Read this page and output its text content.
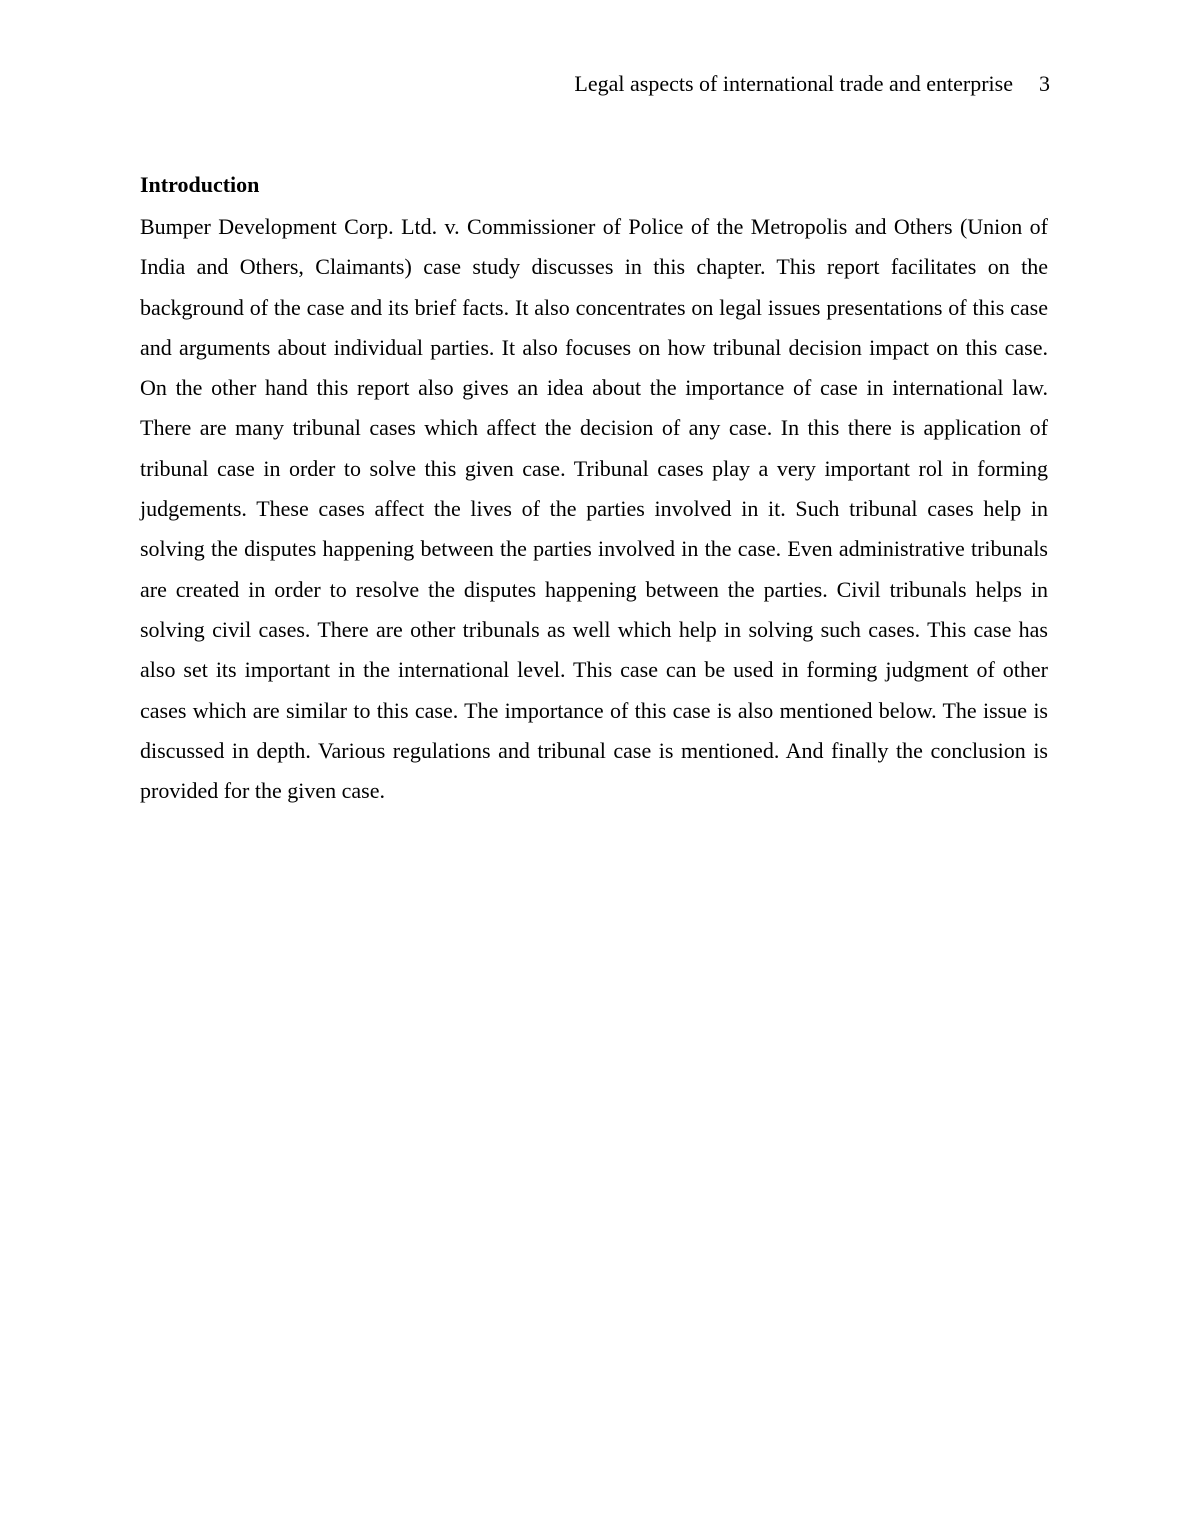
Legal aspects of international trade and enterprise 3
Introduction

Bumper Development Corp. Ltd. v. Commissioner of Police of the Metropolis and Others (Union of India and Others, Claimants) case study discusses in this chapter. This report facilitates on the background of the case and its brief facts. It also concentrates on legal issues presentations of this case and arguments about individual parties. It also focuses on how tribunal decision impact on this case. On the other hand this report also gives an idea about the importance of case in international law. There are many tribunal cases which affect the decision of any case. In this there is application of tribunal case in order to solve this given case. Tribunal cases play a very important rol in forming judgements. These cases affect the lives of the parties involved in it. Such tribunal cases help in solving the disputes happening between the parties involved in the case. Even administrative tribunals are created in order to resolve the disputes happening between the parties. Civil tribunals helps in solving civil cases. There are other tribunals as well which help in solving such cases. This case has also set its important in the international level. This case can be used in forming judgment of other cases which are similar to this case. The importance of this case is also mentioned below. The issue is discussed in depth. Various regulations and tribunal case is mentioned. And finally the conclusion is provided for the given case.
